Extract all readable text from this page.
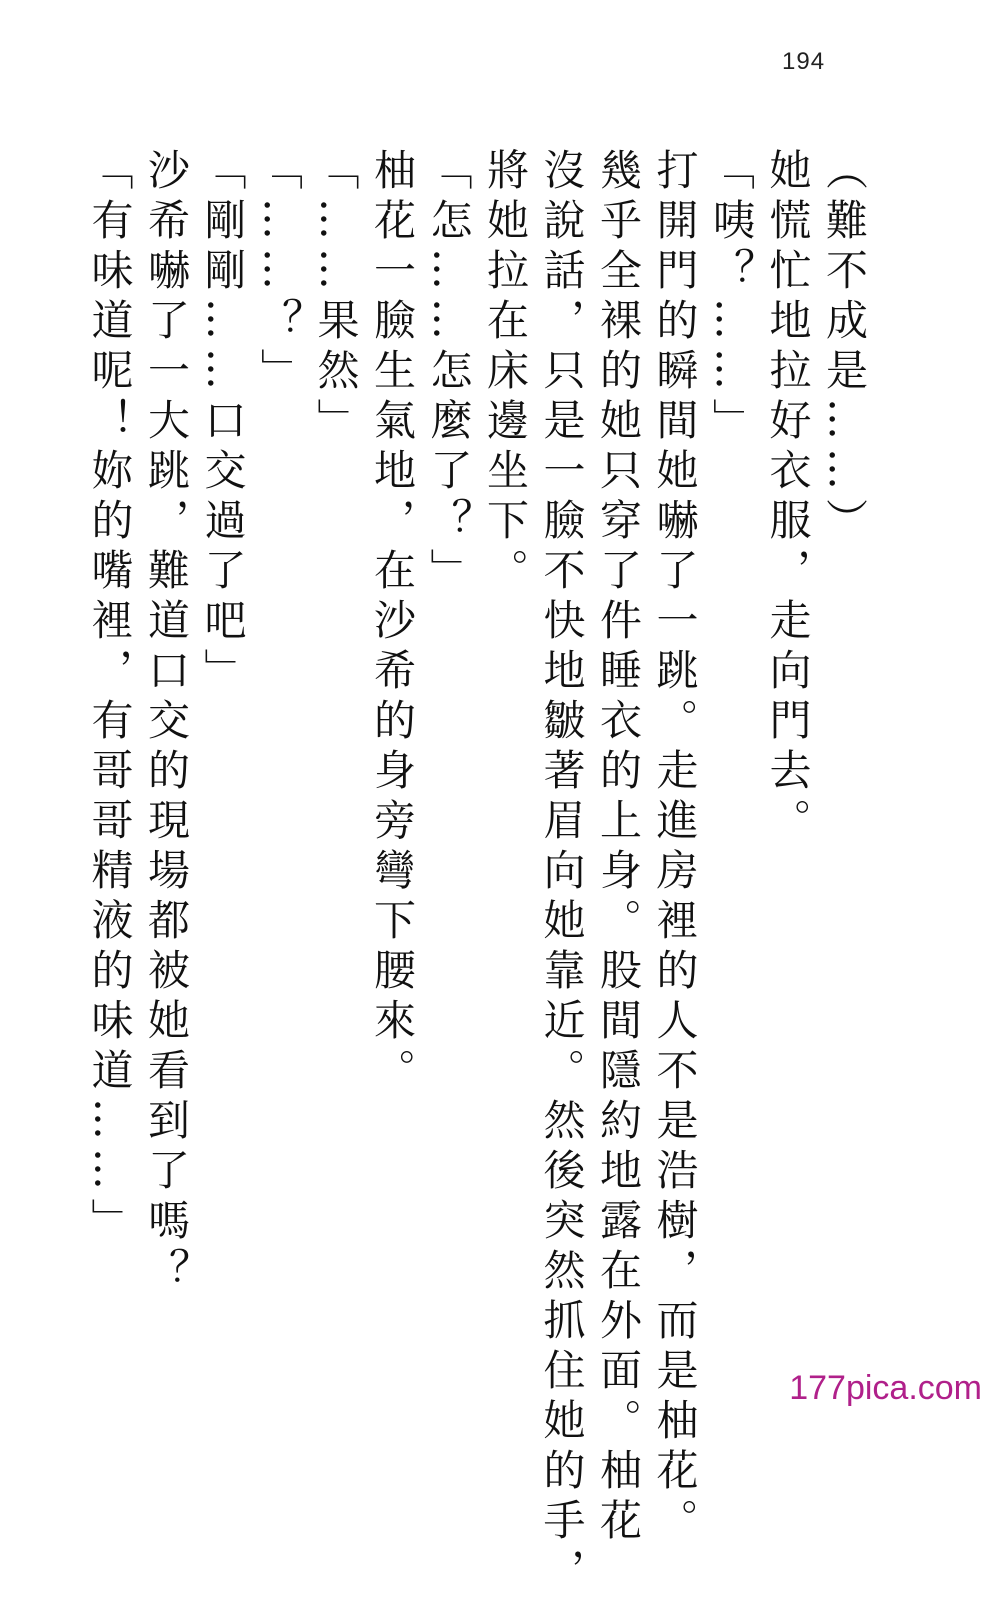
194
（難不成是……）
她慌忙地拉好衣服，走向門去。
「咦？……」
打開門的瞬間她嚇了一跳。走進房裡的人不是浩樹，而是柚花。
幾乎全裸的她只穿了件睡衣的上身。股間隱約地露在外面。柚花
沒說話，只是一臉不快地皺著眉向她靠近。然後突然抓住她的手，
將她拉在床邊坐下。
「怎……怎麼了？」
柚花一臉生氣地，在沙希的身旁彎下腰來。
「……果然」
「……？」
「剛剛……口交過了吧」
沙希嚇了一大跳，難道口交的現場都被她看到了嗎？
「有味道呢！妳的嘴裡，有哥哥精液的味道……」
177pica.com
